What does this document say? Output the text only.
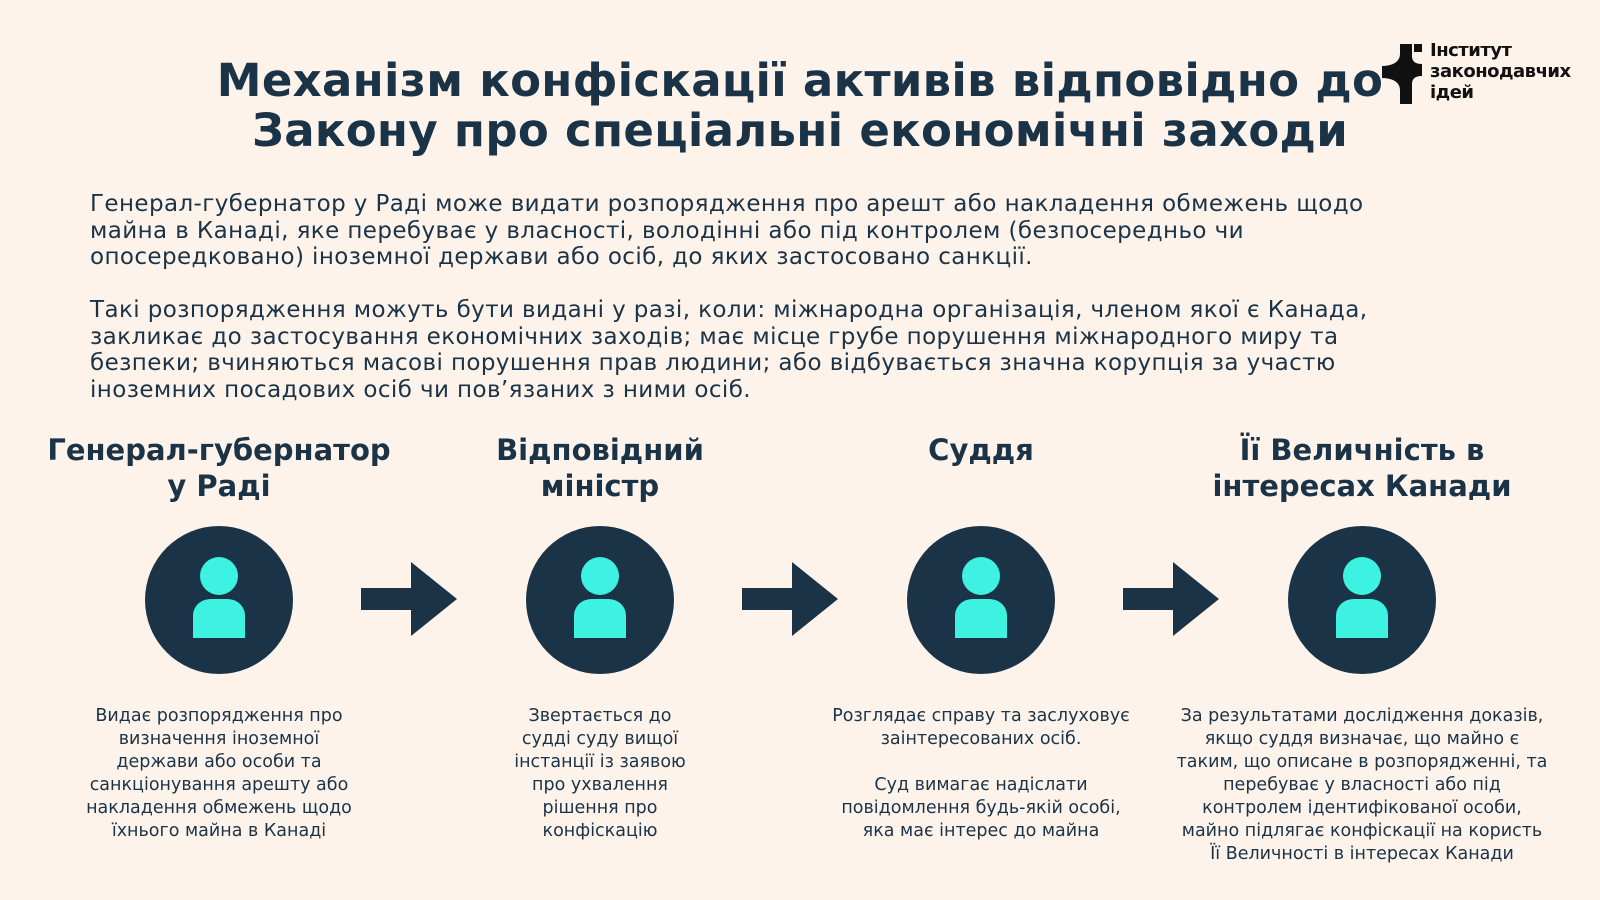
Механізм конфіскації активів відповідно до
Закону про спеціальні економічні заходи
Інститут
законодавчих
ідей

Генерал-губернатор у Раді може видати розпорядження про арешт або накладення обмежень щодо
майна в Канаді, яке перебуває у власності, володінні або під контролем (безпосередньо чи
опосередковано) іноземної держави або осіб, до яких застосовано санкції.

Такі розпорядження можуть бути видані у разі, коли: міжнародна організація, членом якої є Канада,
закликає до застосування економічних заходів; має місце грубе порушення міжнародного миру та
безпеки; вчиняються масові порушення прав людини; або відбувається значна корупція за участю
іноземних посадових осіб чи пов’язаних з ними осіб.

Генерал-губернатор
у Раді

Видає розпорядження про
визначення іноземної
держави або особи та
санкціонування арешту або
накладення обмежень щодо
їхнього майна в Канаді

Відповідний
міністр

Звертається до
судді суду вищої
інстанції із заявою
про ухвалення
рішення про
конфіскацію

Суддя

Розглядає справу та заслуховує
заінтересованих осіб.
Суд вимагає надіслати
повідомлення будь-якій особі,
яка має інтерес до майна

Її Величність в
інтересах Канади

За результатами дослідження доказів,
якщо суддя визначає, що майно є
таким, що описане в розпорядженні, та
перебуває у власності або під
контролем ідентифікованої особи,
майно підлягає конфіскації на користь
Її Величності в інтересах Канади
